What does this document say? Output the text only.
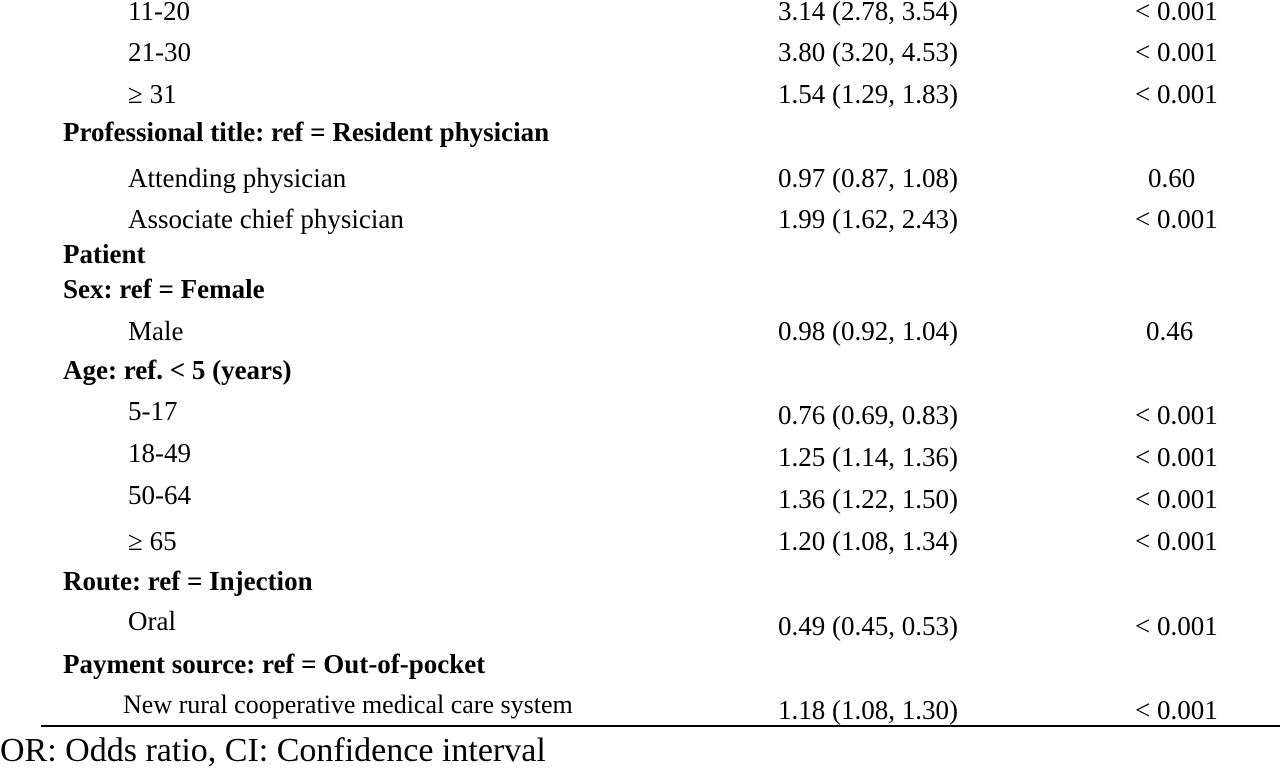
11-20	3.14 (2.78, 3.54)	< 0.001
21-30	3.80 (3.20, 4.53)	< 0.001
≥ 31	1.54 (1.29, 1.83)	< 0.001
Professional title: ref = Resident physician
Attending physician	0.97 (0.87, 1.08)	0.60
Associate chief physician	1.99 (1.62, 2.43)	< 0.001
Patient
Sex: ref = Female
Male	0.98 (0.92, 1.04)	0.46
Age: ref. < 5 (years)
5-17	0.76 (0.69, 0.83)	< 0.001
18-49	1.25 (1.14, 1.36)	< 0.001
50-64	1.36 (1.22, 1.50)	< 0.001
≥ 65	1.20 (1.08, 1.34)	< 0.001
Route: ref = Injection
Oral	0.49 (0.45, 0.53)	< 0.001
Payment source: ref = Out-of-pocket
New rural cooperative medical care system	1.18 (1.08, 1.30)	< 0.001
OR: Odds ratio, CI: Confidence interval
